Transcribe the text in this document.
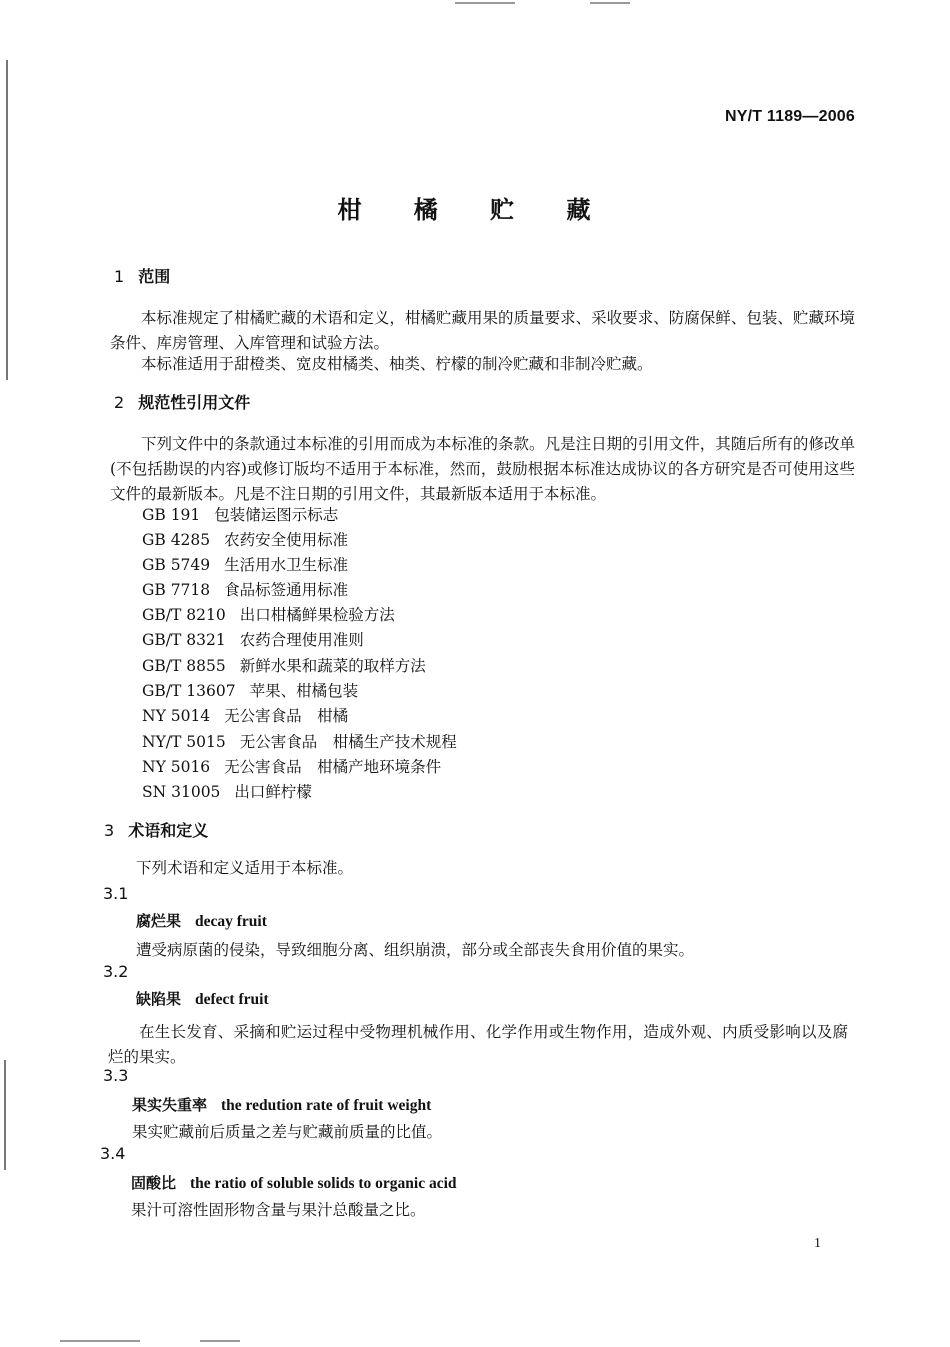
NY/T 1189—2006
柑 橘 贮 藏
1 范围
本标准规定了柑橘贮藏的术语和定义，柑橘贮藏用果的质量要求、采收要求、防腐保鲜、包装、贮藏环境条件、库房管理、入库管理和试验方法。
本标准适用于甜橙类、宽皮柑橘类、柚类、柠檬的制冷贮藏和非制冷贮藏。
2 规范性引用文件
下列文件中的条款通过本标准的引用而成为本标准的条款。凡是注日期的引用文件，其随后所有的修改单(不包括勘误的内容)或修订版均不适用于本标准，然而，鼓励根据本标准达成协议的各方研究是否可使用这些文件的最新版本。凡是不注日期的引用文件，其最新版本适用于本标准。
GB 191 包装储运图示标志
GB 4285 农药安全使用标准
GB 5749 生活用水卫生标准
GB 7718 食品标签通用标准
GB/T 8210 出口柑橘鲜果检验方法
GB/T 8321 农药合理使用准则
GB/T 8855 新鲜水果和蔬菜的取样方法
GB/T 13607 苹果、柑橘包装
NY 5014 无公害食品　柑橘
NY/T 5015 无公害食品　柑橘生产技术规程
NY 5016 无公害食品　柑橘产地环境条件
SN 31005 出口鲜柠檬
3 术语和定义
下列术语和定义适用于本标准。
3.1
腐烂果 decay fruit
遭受病原菌的侵染，导致细胞分离、组织崩溃，部分或全部丧失食用价值的果实。
3.2
缺陷果 defect fruit
在生长发育、采摘和贮运过程中受物理机械作用、化学作用或生物作用，造成外观、内质受影响以及腐烂的果实。
3.3
果实失重率 the redution rate of fruit weight
果实贮藏前后质量之差与贮藏前质量的比值。
3.4
固酸比 the ratio of soluble solids to organic acid
果汁可溶性固形物含量与果汁总酸量之比。
1
